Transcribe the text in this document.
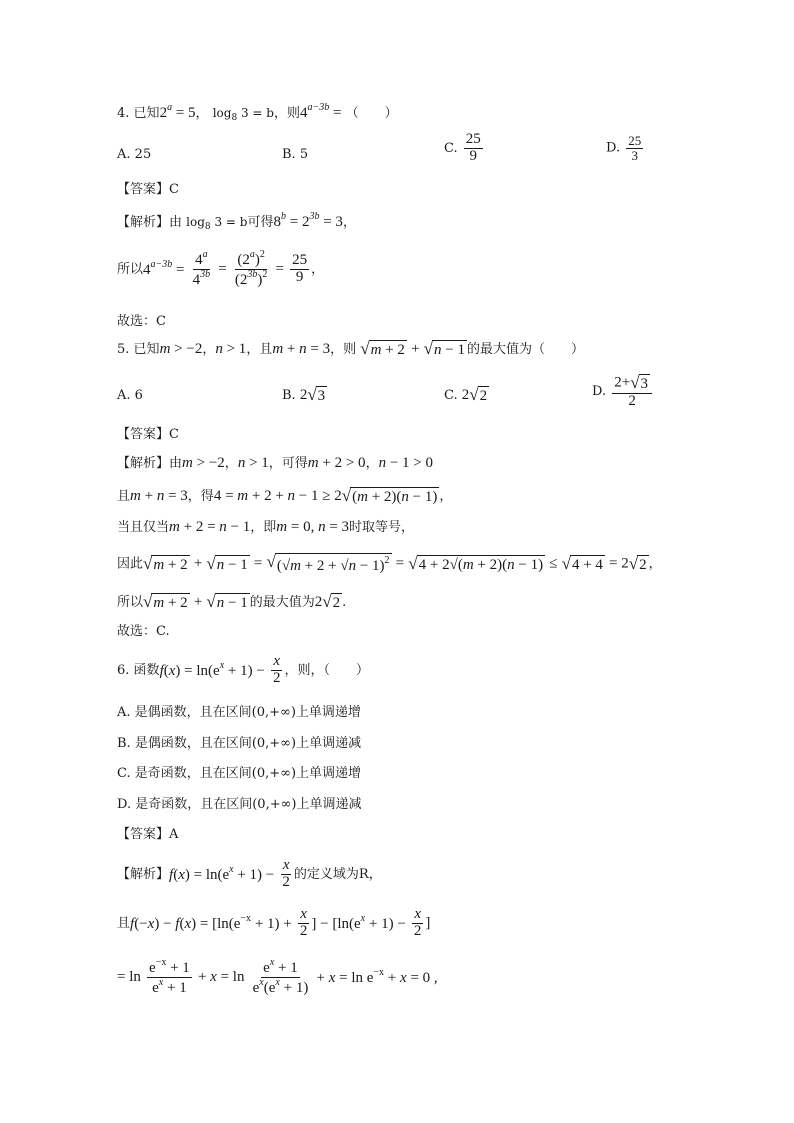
4. 已知$2^a = 5$， $\log_8 3 = b$，则$4^{a-3b}$ = （　　）
A. 25	B. 5	C. $\frac{25}{9}$	D. $\frac{25}{3}$
【答案】C
【解析】由 $\log_8 3 = b$可得$8^b = 2^{3b} = 3$，
所以$4^{a-3b} = \frac{4^a}{4^{3b}} = \frac{(2^a)^2}{(2^{3b})^2} = \frac{25}{9}$ ，
故选：C
5. 已知m > −2，n > 1，且m + n = 3，则 √ m + 2 + √ n − 1 的最大值为（　　）
A. 6	B. 2 √ 3	C. 2 √ 2	D. $\frac{2+ √ 3}{2}$
【答案】C
【解析】由m > −2，n > 1，可得m + 2 > 0，n − 1 > 0
且m + n = 3，得4 = m + 2 + n − 1 ≥ 2 √ (m + 2)(n − 1) ，
当且仅当m + 2 = n − 1，即m = 0, n = 3时取等号，
因此 √ m + 2 + √ n − 1 = √ $(√m + 2 + √n - 1)^2$ = √ 4 + 2√(m + 2)(n − 1) ≤ √ 4 + 4 = 2 √ 2 ，
所以 √ m + 2 + √ n − 1 的最大值为2 √ 2 .
故选：C.
6. 函数$f(x) = \ln(e^x + 1) - \frac{x}{2}$ ，则，（　　）
A. 是偶函数，且在区间(0,+∞)上单调递增
B. 是偶函数，且在区间(0,+∞)上单调递减
C. 是奇函数，且在区间(0,+∞)上单调递增
D. 是奇函数，且在区间(0,+∞)上单调递减
【答案】A
【解析】$f(x) = \ln(e^x + 1) - \frac{x}{2}$ 的定义域为R，
且$f(-x) - f(x) = [\ln(e^{-x} + 1) + \frac{x}{2}$ ] − [$\ln(e^x + 1) - \frac{x}{2}$ ]
= $\ln \frac{e^{-x} + 1}{e^x + 1} + x = \ln \frac{e^x + 1}{e^x(e^x + 1)} + x = \ln e^{-x} + x = 0$ ,
